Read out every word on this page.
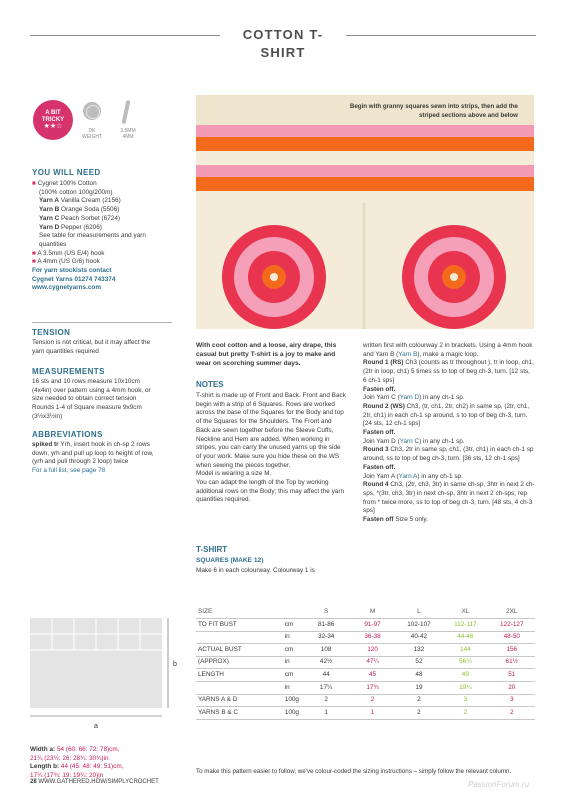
COTTON T-SHIRT
A BIT
TRICKY
★★☆
DK
WEIGHT
3.5MM
4MM
YOU WILL NEED
■ Cygnet 100% Cotton
(100% cotton 100g/200m)
Yarn A Vanilla Cream (2156)
Yarn B Orange Soda (5506)
Yarn C Peach Sorbet (6724)
Yarn D Pepper (6206)
See table for measurements and yarn quantities
■ A 3.5mm (US E/4) hook
■ A 4mm (US G/6) hook
For yarn stockists contact
Cygnet Yarns 01274 743374
www.cygnetyarns.com
TENSION
Tension is not critical, but it may affect the yarn quantities required
MEASUREMENTS
16 sts and 10 rows measure 10x10cm (4x4in) over pattern using a 4mm hook, or size needed to obtain correct tension
Rounds 1-4 of Square measure 9x9cm (3½x3½in)
ABBREVIATIONS
spiked tr Yrh, insert hook in ch-sp 2 rows down, yrh and pull up loop to height of row, (yrh and pull through 2 loop) twice
For a full list, see page 78
Begin with granny squares sewn into strips, then add the striped sections above and below
With cool cotton and a loose, airy drape, this casual but pretty T-shirt is a joy to make and wear on scorching summer days.
NOTES
T-shirt is made up of Front and Back. Front and Back begin with a strip of 6 Squares. Rows are worked across the base of the Squares for the Body and top of the Squares for the Shoulders. The Front and Back are sewn together before the Sleeve Cuffs, Neckline and Hem are added. When working in stripes, you can carry the unused yarns up the side of your work. Make sure you hide these on the WS when sewing the pieces together.
Model is wearing a size M.
You can adapt the length of the Top by working additional rows on the Body; this may affect the yarn quantities required.
T-SHIRT
SQUARES (MAKE 12)
Make 6 in each colourway. Colourway 1 is

written first with colourway 2 in brackets. Using a 4mm hook and Yarn B (Yarn B), make a magic loop.

Round 1 (RS) Ch3 (counts as tr throughout ), tr in loop, ch1, (2tr in loop, ch1) 5 times ss to top of beg ch-3, turn. [12 sts, 6 ch-1 sps]

Fasten off.

Join Yarn C (Yarn D) in any ch-1 sp.

Round 2 (WS) Ch3, (tr, ch1, 2tr, ch2) in same sp, (2tr, ch1, 2tr, ch1) in each ch-1 sp around, s to top of beg ch-3, turn. [24 sts, 12 ch-1 sps]

Fasten off.

Join Yarn D (Yarn C) in any ch-1 sp.

Round 3 Ch3, 2tr in same sp, ch1, (3tr, ch1) in each ch-1 sp around, ss to top of beg ch-3, turn. [36 sts, 12 ch-1 sps]

Fasten off.

Join Yarn A (Yarn A) in any ch-1 sp.

Round 4 Ch3, (2tr, ch3, 3tr) in same ch-sp, 3htr in next 2 ch-sps, *(3tr, ch3, 3tr) in next ch-sp, 3htr in next 2 ch-sps; rep from * twice more, ss to top of beg ch-3, turn. [48 sts, 4 ch-3 sps]

Fasten off Size 5 only.

b
a
Width a: 54 (60: 66: 72: 78)cm,
21¼ (23½: 26: 28¼: 30¾)in
Length b: 44 (45: 48: 49: 51)cm,
17¼ (17¾: 19: 19¼: 20)in
SIZE		S	M	L	XL	2XL
TO FIT BUST	cm	81-86	91-97	102-107	112-117	122-127
	in	32-34	36-38	40-42	44-46	48-50
ACTUAL BUST	cm	108	120	132	144	156
(APPROX)	in	42½	47¼	52	56¾	61½
LENGTH	cm	44	45	48	49	51
	in	17¼	17¾	19	19¼	20
YARNS A & D	100g	2	2	2	3	3
YARNS B & C	100g	1	1	2	2	2
To make this pattern easier to follow, we've colour-coded the sizing instructions – simply follow the relevant column.
28 WWW.GATHERED.HOW/SIMPLYCROCHET	PassionForum.ru
